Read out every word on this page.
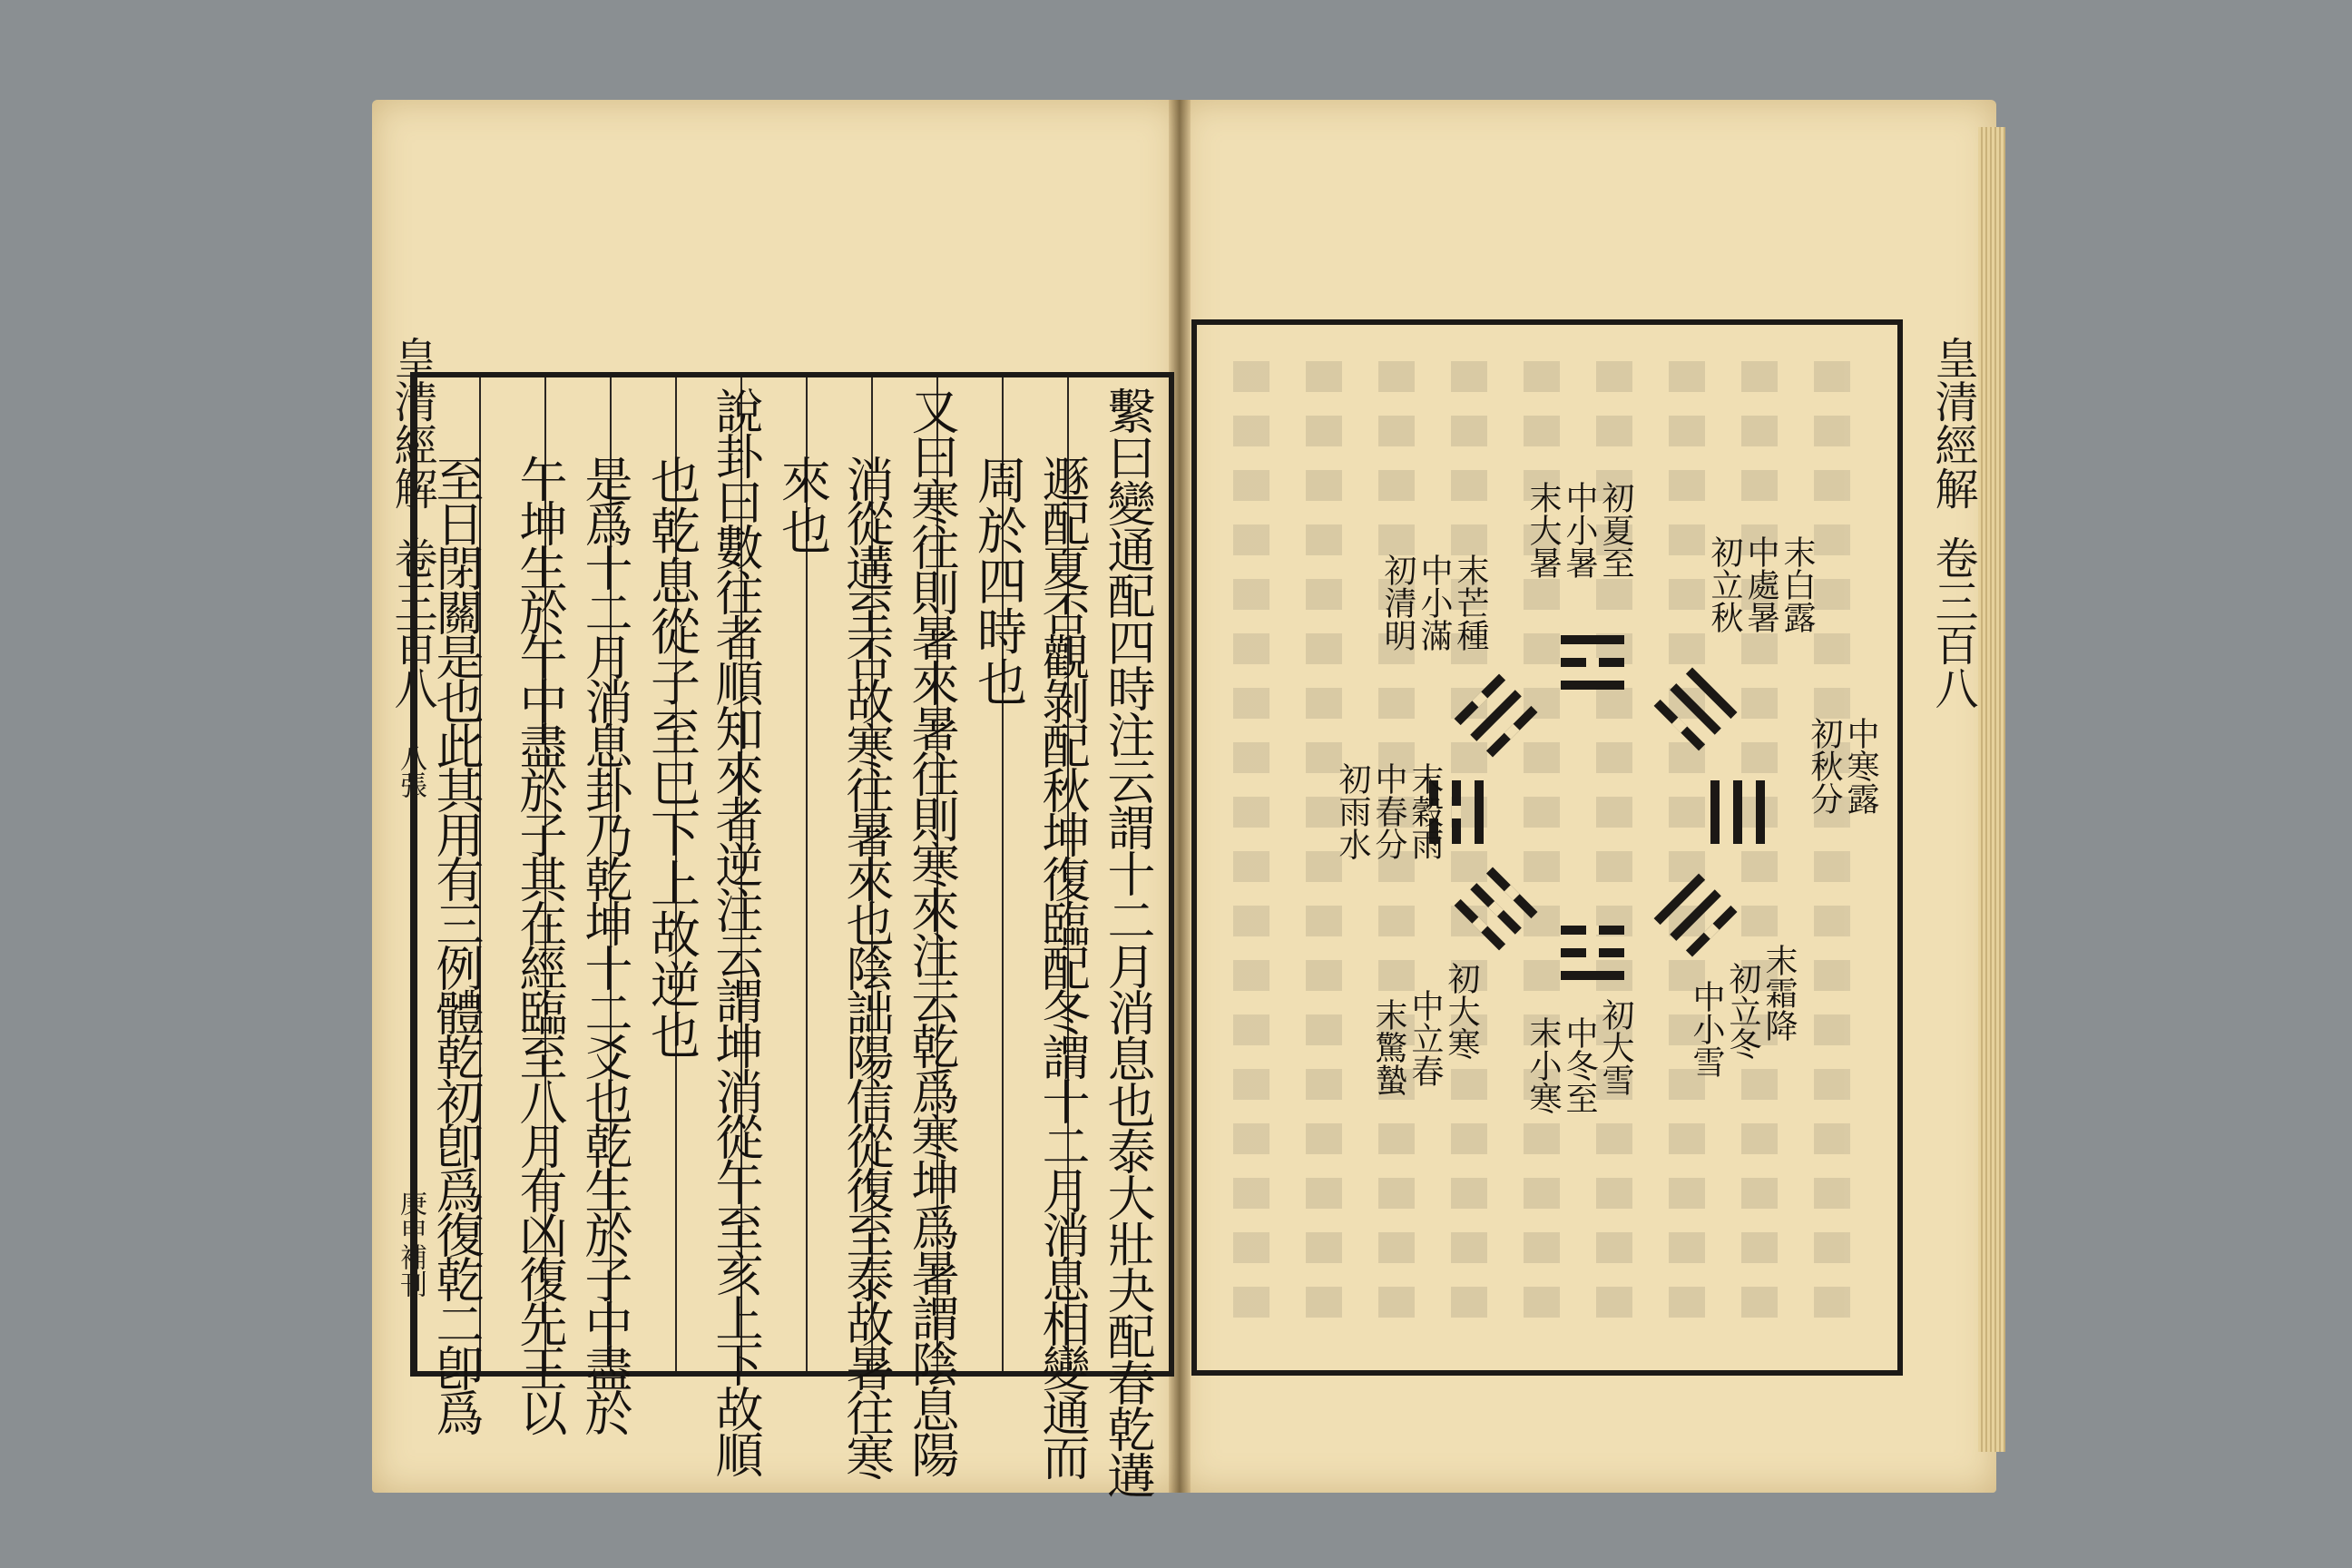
皇清經解
卷三百八
八張
庚申補刊	繫曰變通配四時注云謂十二月消息也泰大壯夬配春乾遘
遯配夏否觀剝配秋坤復臨配冬謂十二月消息相變通而
周於四時也
又曰寒往則暑來暑往則寒來注云乾爲寒坤爲暑謂陰息陽
消從遘至否故寒往暑來也陰詘陽信從復至泰故暑往寒
來也
說卦曰數往者順知來者逆注云謂坤消從午至亥上下故順
也乾息從子至巳下上故逆也
是爲十二月消息卦乃乾坤十二爻也乾生於子中盡於
午坤生於午中盡於子其在經臨至八月有凶復先王以
至日閉關是也此其用有三例體乾初卽爲復乾二卽爲
皇清經解
卷三百八
初大雪
中冬至
末小寒
初大寒
中立春
末驚蟄
初雨水 中春分 末穀雨
初清明 中小滿 末芒種
初夏至
中小暑
末大暑
初立秋 中處暑 末白露
初秋分 中寒露
末霜降
初立冬
中小雪
